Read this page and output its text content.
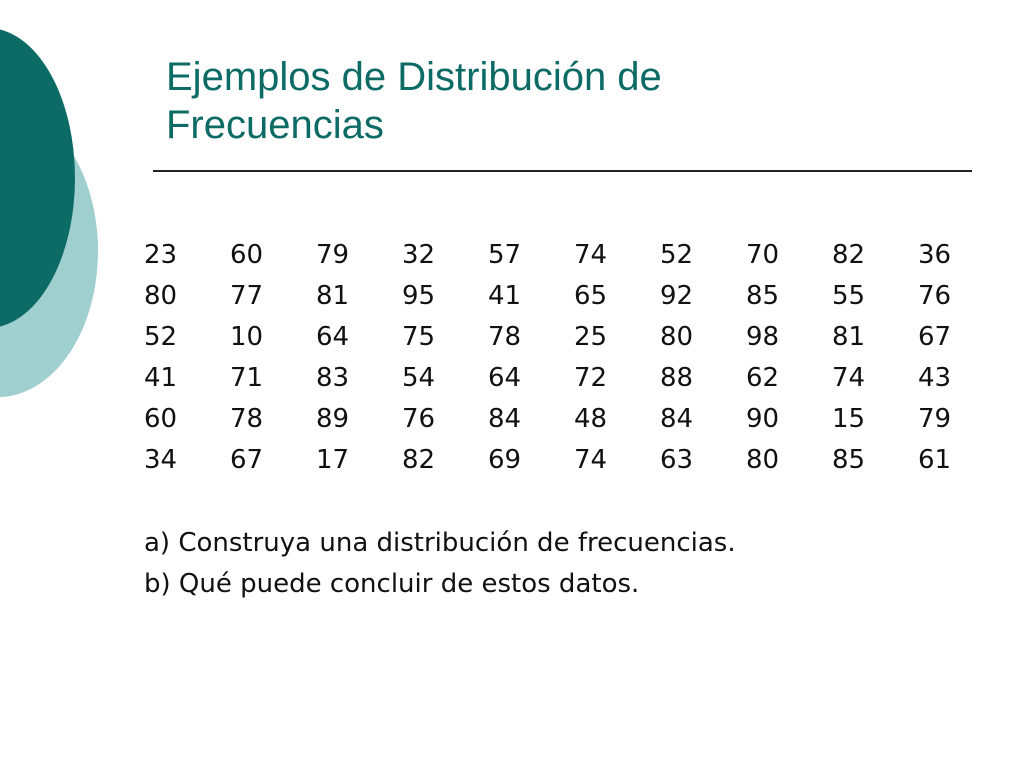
Ejemplos de Distribución de
Frecuencias
23	60	79	32	57	74	52	70	82	36
80	77	81	95	41	65	92	85	55	76
52	10	64	75	78	25	80	98	81	67
41	71	83	54	64	72	88	62	74	43
60	78	89	76	84	48	84	90	15	79
34	67	17	82	69	74	63	80	85	61
a) Construya una distribución de frecuencias.
b) Qué puede concluir de estos datos.
